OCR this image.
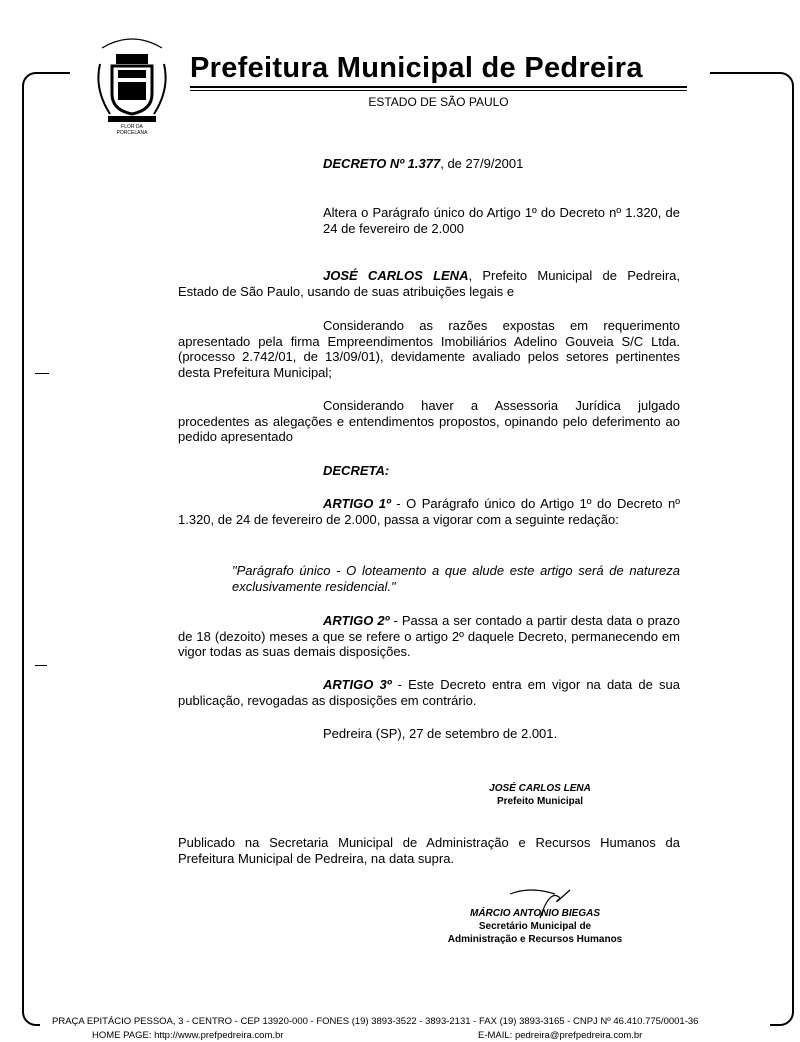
FLOR DA
PORCELANA
Prefeitura Municipal de Pedreira
ESTADO DE SÃO PAULO
DECRETO Nº 1.377, de 27/9/2001
Altera o Parágrafo único do Artigo 1º do Decreto nº 1.320, de 24 de fevereiro de 2.000
JOSÉ CARLOS LENA, Prefeito Municipal de Pedreira, Estado de São Paulo, usando de suas atribuições legais e
Considerando as razões expostas em requerimento apresentado pela firma Empreendimentos Imobiliários Adelino Gouveia S/C Ltda. (processo 2.742/01, de 13/09/01), devidamente avaliado pelos setores pertinentes desta Prefeitura Municipal;
Considerando haver a Assessoria Jurídica julgado procedentes as alegações e entendimentos propostos, opinando pelo deferimento ao pedido apresentado
DECRETA:
ARTIGO 1º - O Parágrafo único do Artigo 1º do Decreto nº 1.320, de 24 de fevereiro de 2.000, passa a vigorar com a seguinte redação:
"Parágrafo único - O loteamento a que alude este artigo será de natureza exclusivamente residencial."
ARTIGO 2º - Passa a ser contado a partir desta data o prazo de 18 (dezoito) meses a que se refere o artigo 2º daquele Decreto, permanecendo em vigor todas as suas demais disposições.
ARTIGO 3º - Este Decreto entra em vigor na data de sua publicação, revogadas as disposições em contrário.
Pedreira (SP), 27 de setembro de 2.001.
JOSÉ CARLOS LENA
Prefeito Municipal
Publicado na Secretaria Municipal de Administração e Recursos Humanos da Prefeitura Municipal de Pedreira, na data supra.
MÁRCIO ANTONIO BIEGAS
Secretário Municipal de
Administração e Recursos Humanos
PRAÇA EPITÁCIO PESSOA, 3 - CENTRO - CEP 13920-000 - FONES (19) 3893-3522 - 3893-2131 - FAX (19) 3893-3165 - CNPJ Nº 46.410.775/0001-36
HOME PAGE: http://www.prefpedreira.com.br	E-MAIL: pedreira@prefpedreira.com.br
